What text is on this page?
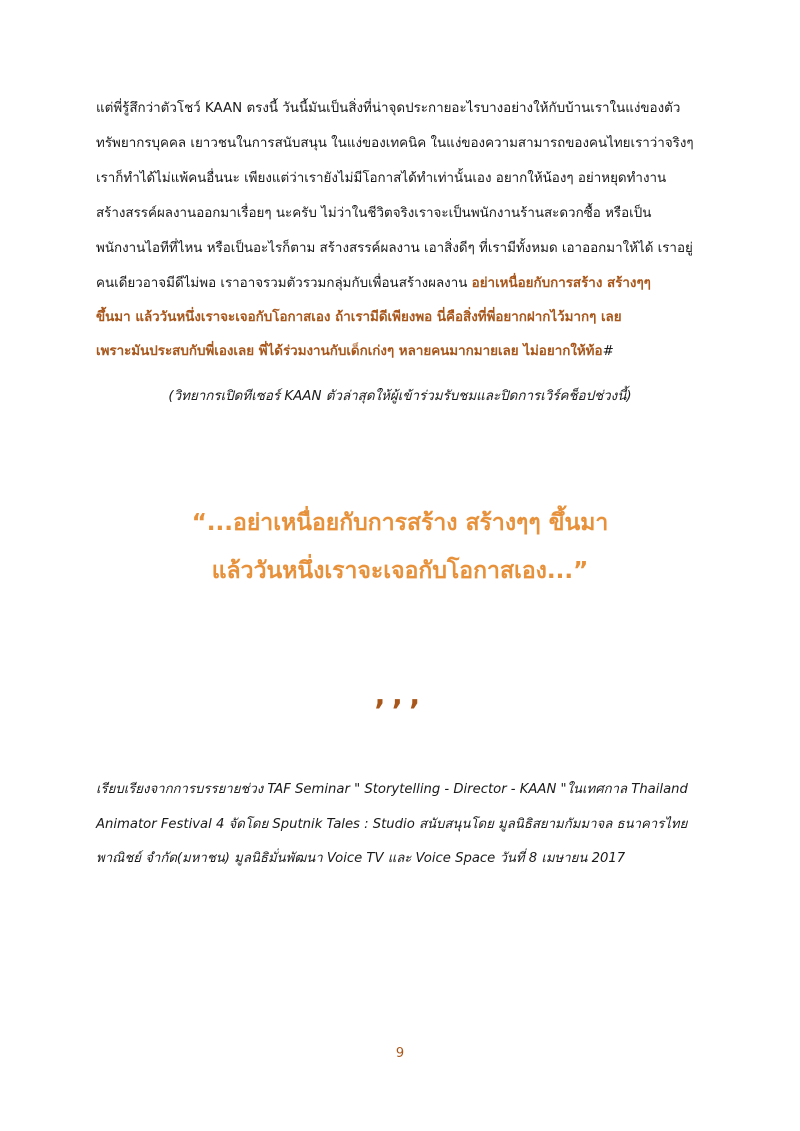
แต่พี่รู้สึกว่าตัวโชว์ KAAN ตรงนี้ วันนี้มันเป็นสิ่งที่น่าจุดประกายอะไรบางอย่างให้กับบ้านเราในแง่ของตัว
ทรัพยากรบุคคล เยาวชนในการสนับสนุน ในแง่ของเทคนิค ในแง่ของความสามารถของคนไทยเราว่าจริงๆ
เราก็ทำได้ไม่แพ้คนอื่นนะ เพียงแต่ว่าเรายังไม่มีโอกาสได้ทำเท่านั้นเอง อยากให้น้องๆ อย่าหยุดทำงาน
สร้างสรรค์ผลงานออกมาเรื่อยๆ นะครับ ไม่ว่าในชีวิตจริงเราจะเป็นพนักงานร้านสะดวกซื้อ หรือเป็น
พนักงานไอทีที่ไหน หรือเป็นอะไรก็ตาม สร้างสรรค์ผลงาน เอาสิ่งดีๆ ที่เรามีทั้งหมด เอาออกมาให้ได้ เราอยู่
คนเดียวอาจมีดีไม่พอ เราอาจรวมตัวรวมกลุ่มกับเพื่อนสร้างผลงาน อย่าเหนื่อยกับการสร้าง สร้างๆๆ
ขึ้นมา แล้ววันหนึ่งเราจะเจอกับโอกาสเอง ถ้าเรามีดีเพียงพอ นี่คือสิ่งที่พี่อยากฝากไว้มากๆ เลย
เพราะมันประสบกับพี่เองเลย พี่ได้ร่วมงานกับเด็กเก่งๆ หลายคนมากมายเลย ไม่อยากให้ท้อ#
(วิทยากรเปิดทีเซอร์ KAAN ตัวล่าสุดให้ผู้เข้าร่วมรับชมและปิดการเวิร์คช็อปช่วงนี้)
“...อย่าเหนื่อยกับการสร้าง สร้างๆๆ ขึ้นมา
แล้ววันหนึ่งเราจะเจอกับโอกาสเอง...”
‚‚‚
เรียบเรียงจากการบรรยายช่วง TAF Seminar " Storytelling - Director - KAAN "ในเทศกาล Thailand
Animator Festival 4 จัดโดย Sputnik Tales : Studio สนับสนุนโดย มูลนิธิสยามกัมมาจล ธนาคารไทย
พาณิชย์ จำกัด(มหาชน) มูลนิธิมั่นพัฒนา Voice TV และ Voice Space วันที่ 8 เมษายน 2017
9
